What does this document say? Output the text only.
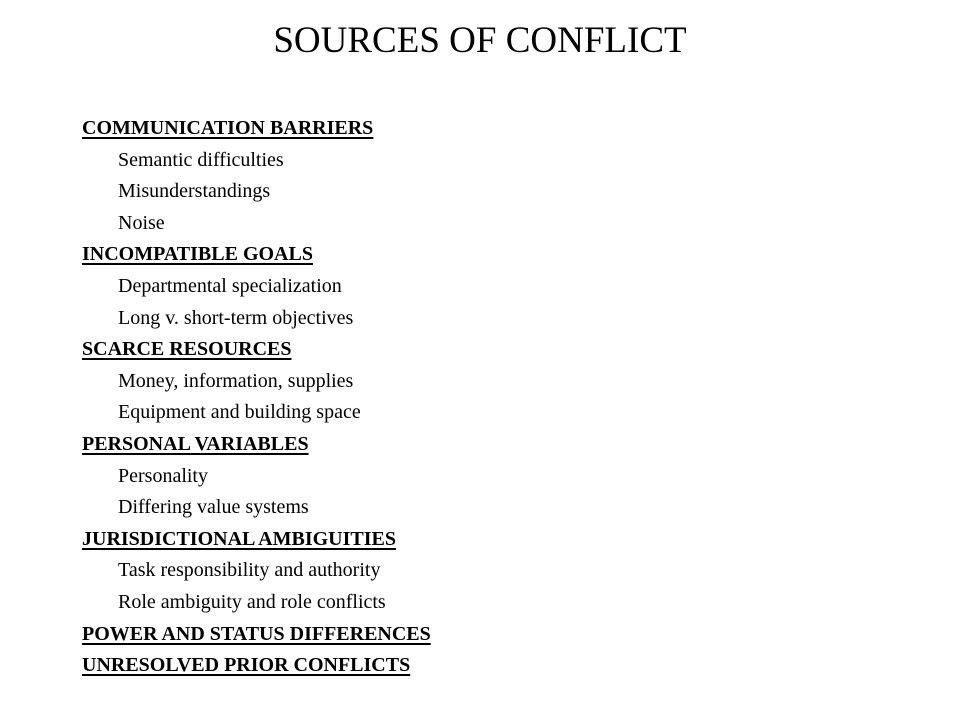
SOURCES OF CONFLICT
COMMUNICATION BARRIERS
Semantic difficulties
Misunderstandings
Noise
INCOMPATIBLE GOALS
Departmental specialization
Long v. short-term objectives
SCARCE RESOURCES
Money, information, supplies
Equipment and building space
PERSONAL VARIABLES
Personality
Differing value systems
JURISDICTIONAL AMBIGUITIES
Task responsibility and authority
Role ambiguity and role conflicts
POWER AND STATUS DIFFERENCES
UNRESOLVED PRIOR CONFLICTS
